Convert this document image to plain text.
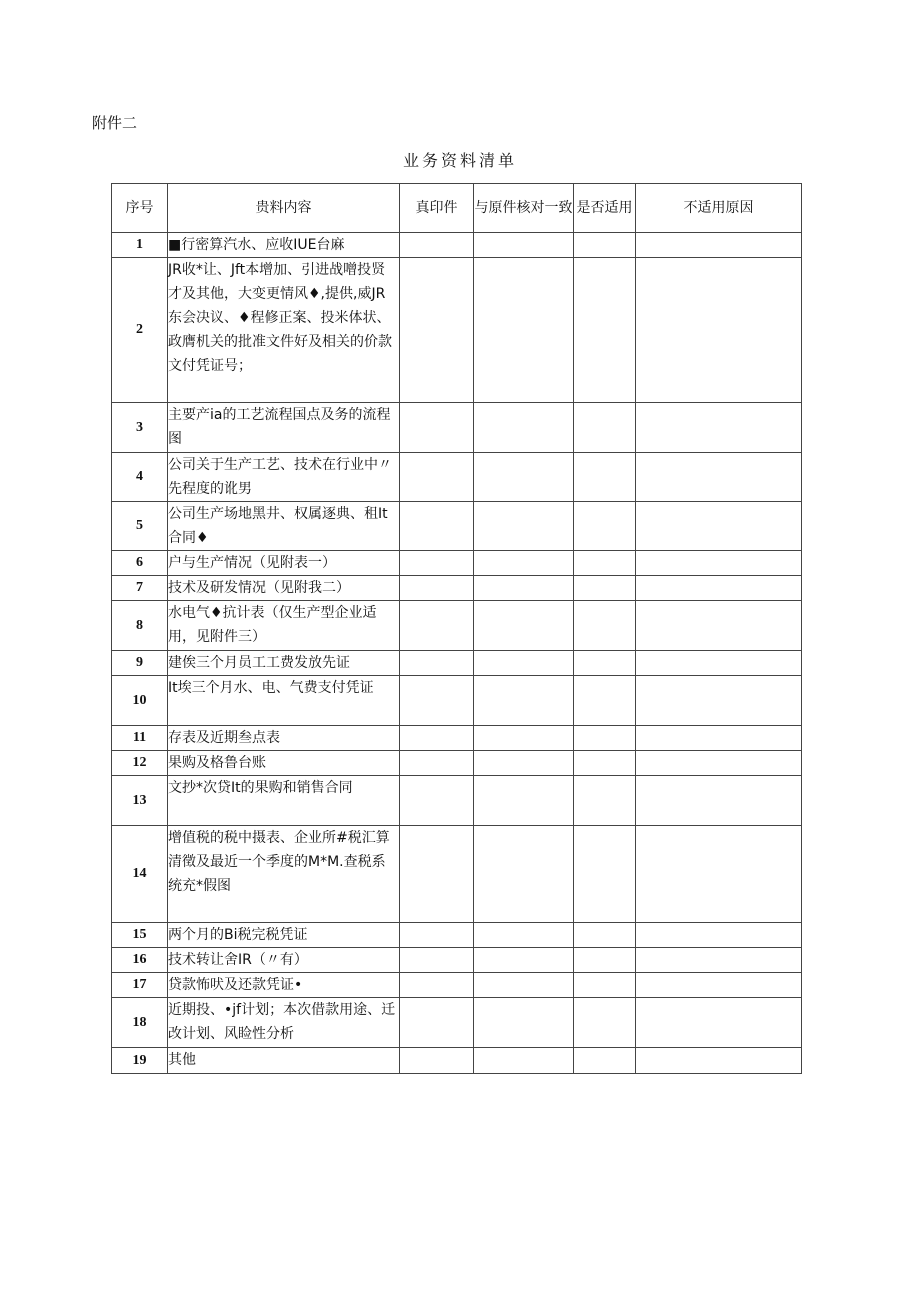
附件二

业务资料清单
序号	贵料内容	真印件	与原件核对一致	是否适用	不适用原因
1	■行密算汽水、应收IUE台麻				
2	JR收*让、Jft本增加、引进战噌投贤才及其他，大变更情风♦,提供,威JR东会决议、♦程修正案、投米体状、政膺机关的批准文件好及相关的价款文付凭证号；				
3	主要产ia的工艺流程国点及务的流程图				
4	公司关于生产工艺、技术在行业中〃先程度的讹男				
5	公司生产场地黑井、权属逐典、租It合同♦				
6	户与生产情况（见附表一）				
7	技术及研发情况（见附我二）				
8	水电气♦抗计表（仅生产型企业适用，见附件三）				
9	建俟三个月员工工费发放先证				
10	It埃三个月水、电、气费支付凭证				
11	存表及近期叁点表				
12	果购及格鲁台账				
13	文抄*次贷It的果购和销售合同				
14	增值税的税中摄表、企业所#税汇算清徵及最近一个季度的M*M.查税系统充*假图				
15	两个月的Bi税完税凭证				
16	技术转让舍IR（〃有）				
17	贷款怖吠及还款凭证•				
18	近期投、•jf计划；本次借款用途、迁改计划、风睑性分析				
19	其他				
